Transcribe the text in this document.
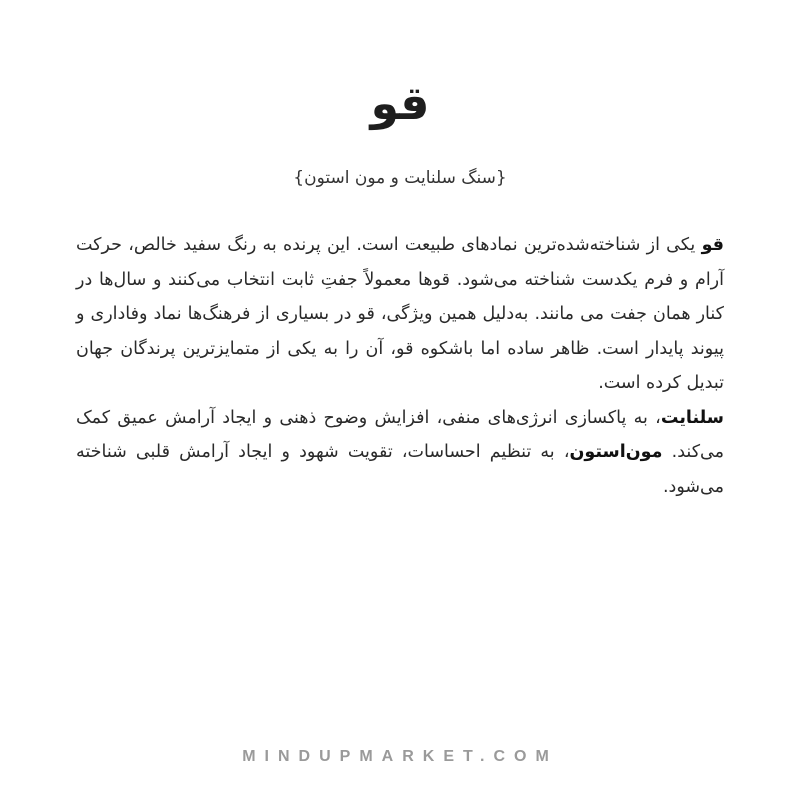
قو
{سنگ سلنایت و مون استون}

قو یکی از شناخته‌شده‌ترین نمادهای طبیعت است. این پرنده به رنگ سفید خالص، حرکت آرام و فرم یکدست شناخته می‌شود. قوها معمولاً جفتِ ثابت انتخاب می‌کنند و سال‌ها در کنار همان جفت می مانند. به‌دلیل همین ویژگی، قو در بسیاری از فرهنگ‌ها نماد وفاداری و پیوند پایدار است. ظاهر ساده اما باشکوه قو، آن را به یکی از متمایزترین پرندگان جهان تبدیل کرده است.

سلنایت، به پاکسازی انرژی‌های منفی، افزایش وضوح ذهنی و ایجاد آرامش عمیق کمک می‌کند. مون‌استون، به تنظیم احساسات، تقویت شهود و ایجاد آرامش قلبی شناخته می‌شود.

MINDUPMARKET.COM
